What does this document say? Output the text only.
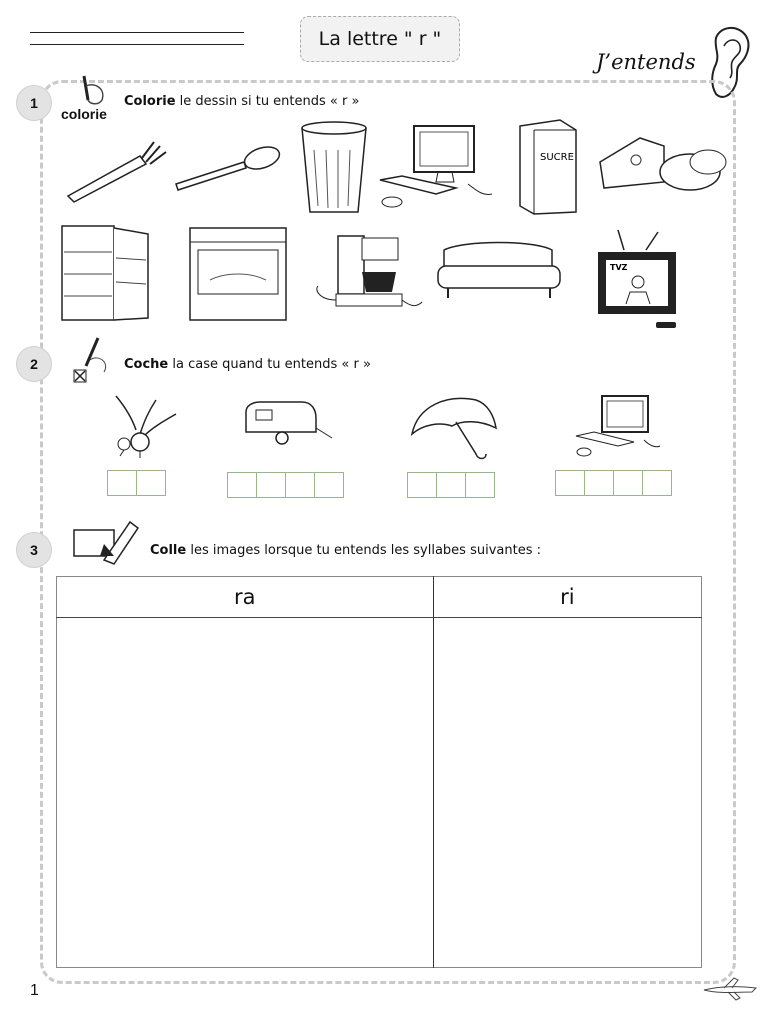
La lettre " r "
J’entends
1
colorie
Colorie le dessin si tu entends « r »
SUCRE
TVZ
2	Coche la case quand tu entends « r »
3	Colle les images lorsque tu entends les syllabes suivantes :
ra	ri

1
